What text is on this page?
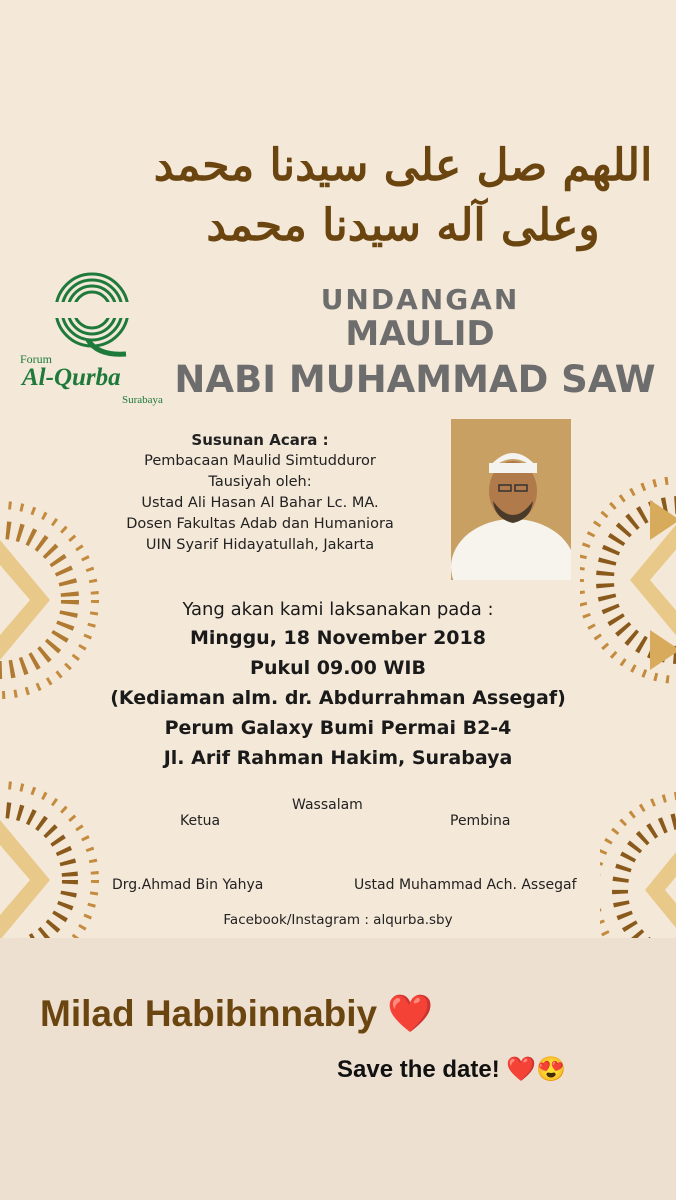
اللهم صل على سيدنا محمد
وعلى آله سيدنا محمد
Forum
Al-Qurba
Surabaya
UNDANGAN
MAULID
NABI MUHAMMAD SAW
Susunan Acara :
Pembacaan Maulid Simtudduror
Tausiyah oleh:
Ustad Ali Hasan Al Bahar Lc. MA.
Dosen Fakultas Adab dan Humaniora
UIN Syarif Hidayatullah, Jakarta
Yang akan kami laksanakan pada :
Minggu, 18 November 2018
Pukul 09.00 WIB
(Kediaman alm. dr. Abdurrahman Assegaf)
Perum Galaxy Bumi Permai B2-4
Jl. Arif Rahman Hakim, Surabaya
Wassalam
Ketua	Pembina
Drg.Ahmad Bin Yahya	Ustad Muhammad Ach. Assegaf
Facebook/Instagram : alqurba.sby
Milad Habibinnabiy ❤️
Save the date! ❤️😍
